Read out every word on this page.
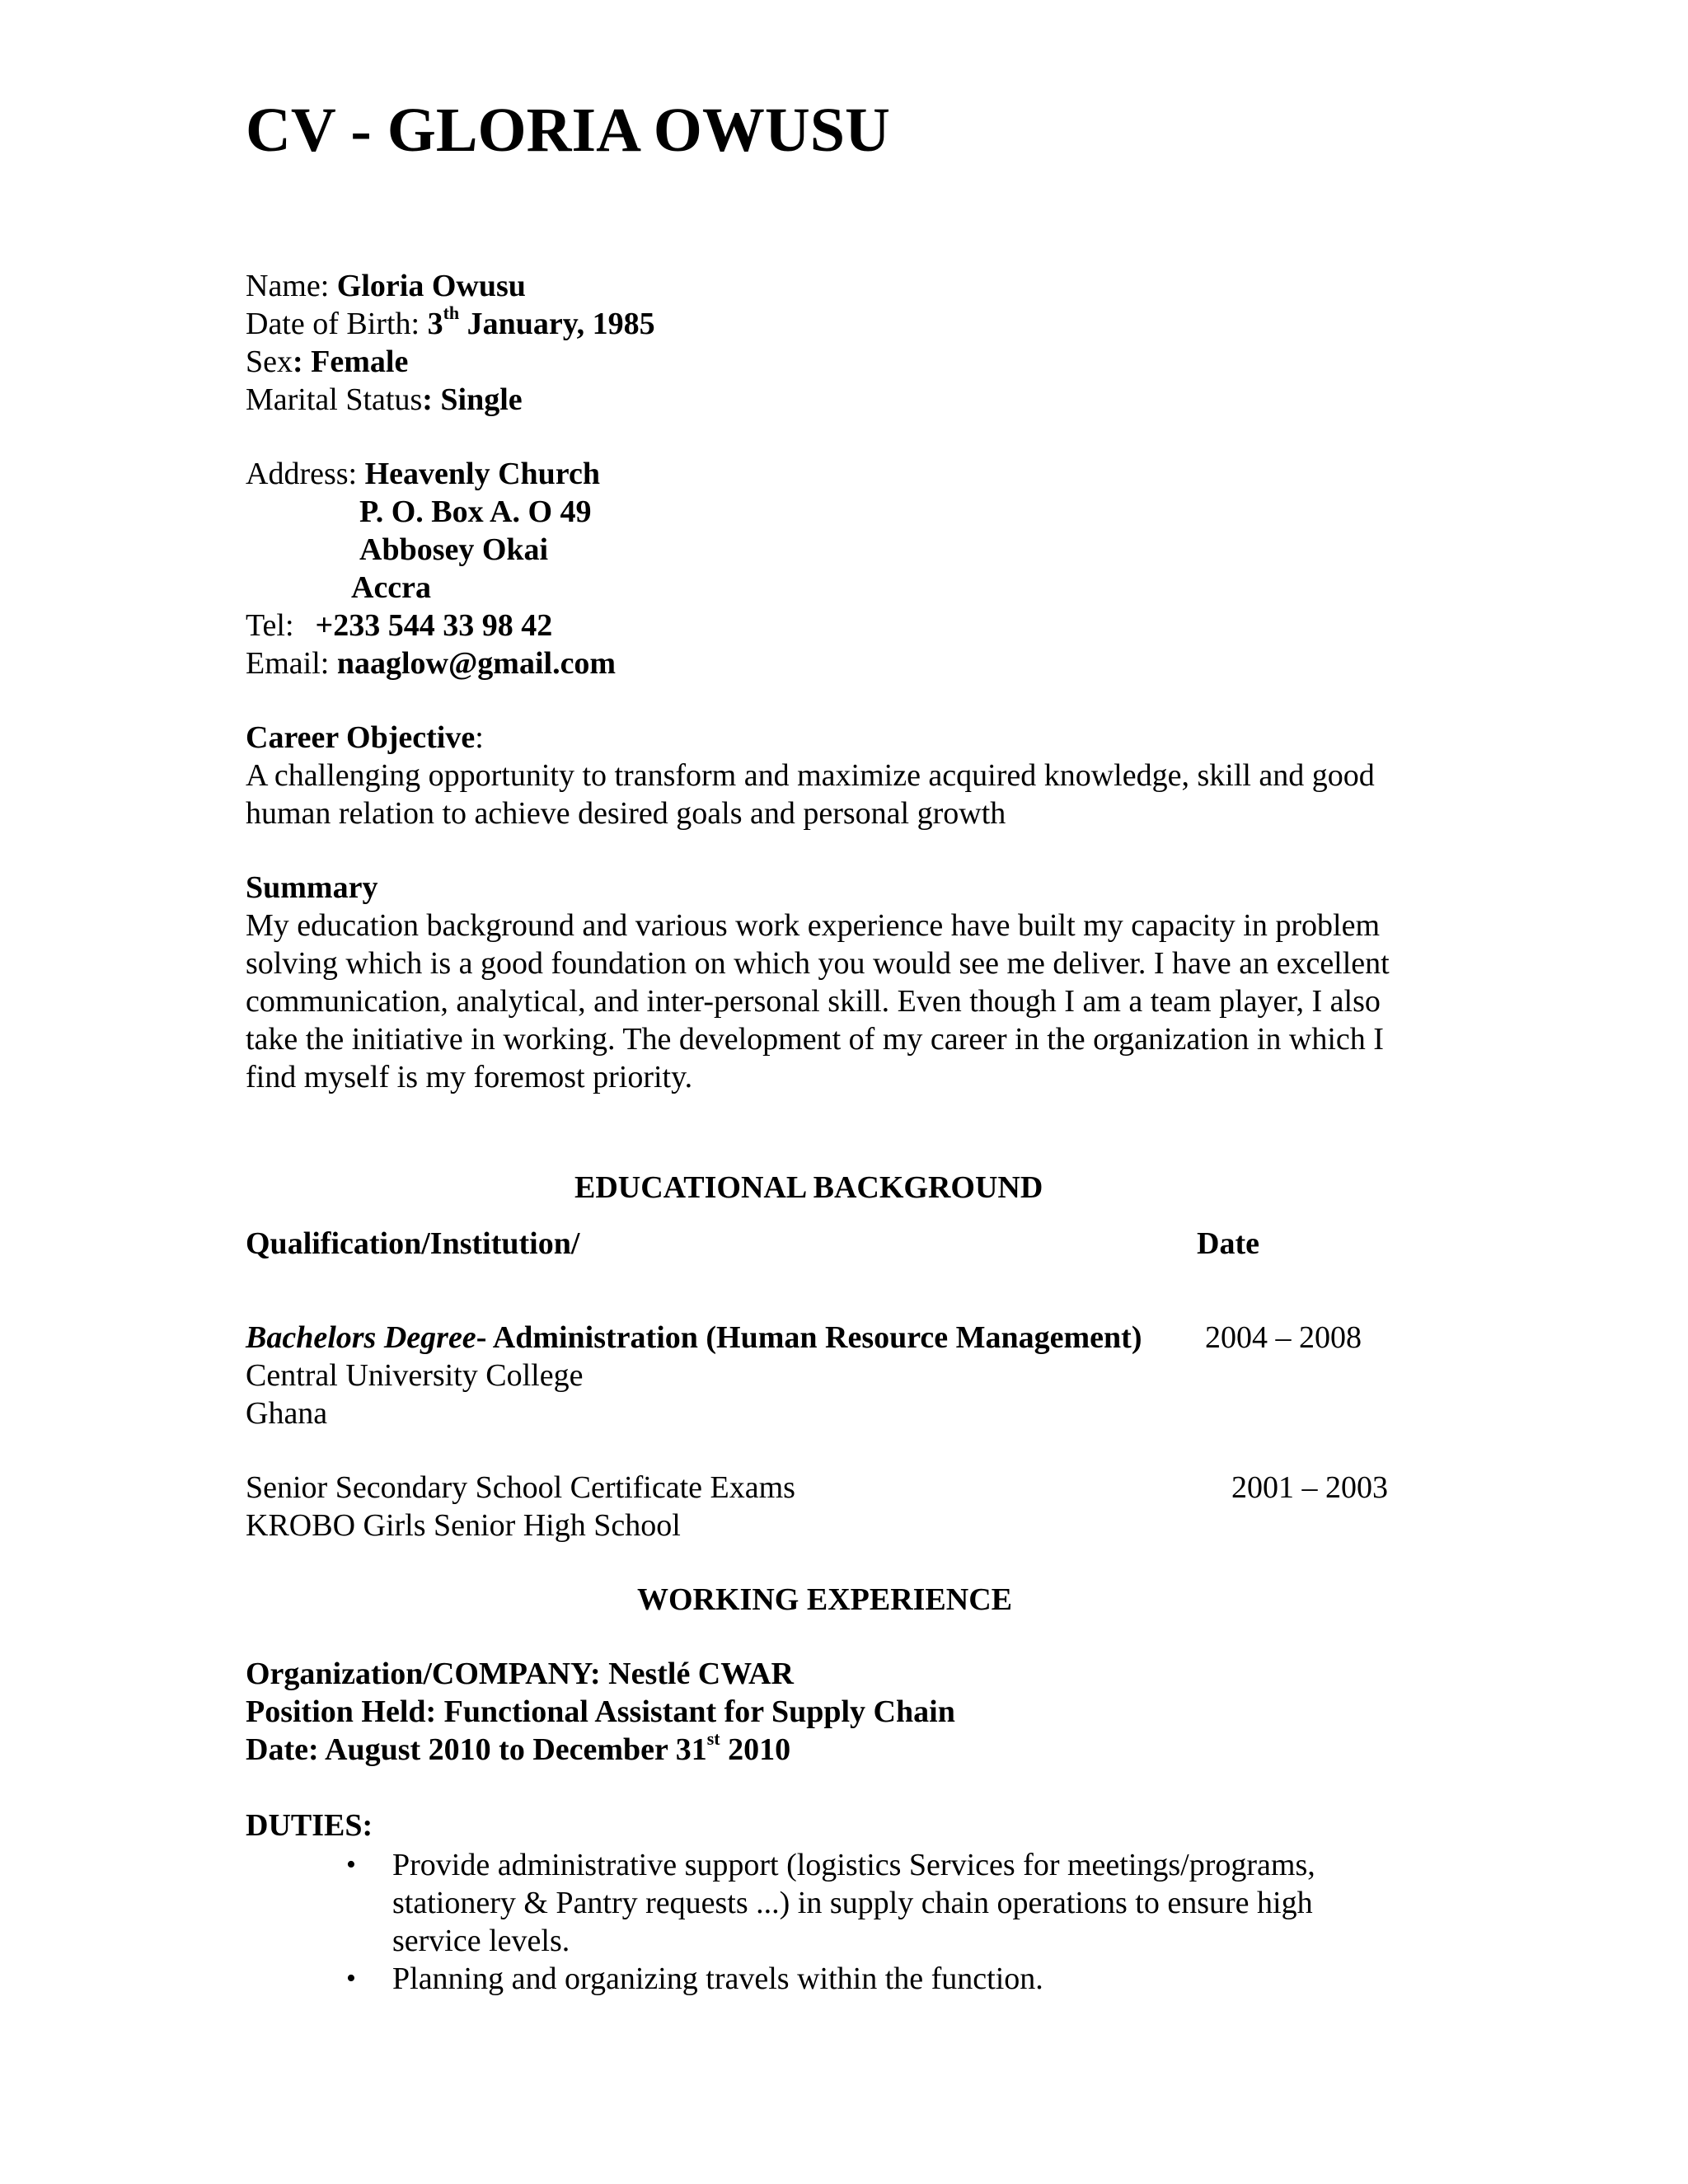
CV - GLORIA OWUSU
Name: Gloria Owusu
Date of Birth: 3th January, 1985
Sex: Female
Marital Status: Single
Address: Heavenly Church
P. O. Box A. O 49
Abbosey Okai
Accra
Tel: +233 544 33 98 42
Email: naaglow@gmail.com
Career Objective:
A challenging opportunity to transform and maximize acquired knowledge, skill and good human relation to achieve desired goals and personal growth
Summary
My education background and various work experience have built my capacity in problem solving which is a good foundation on which you would see me deliver. I have an excellent communication, analytical, and inter-personal skill. Even though I am a team player, I also take the initiative in working. The development of my career in the organization in which I find myself is my foremost priority.
EDUCATIONAL BACKGROUND
Qualification/Institution/	Date
Bachelors Degree- Administration (Human Resource Management) 2004 – 2008
Central University College
Ghana
Senior Secondary School Certificate Exams	2001 – 2003
KROBO Girls Senior High School
WORKING EXPERIENCE
Organization/COMPANY: Nestlé CWAR
Position Held: Functional Assistant for Supply Chain
Date: August 2010 to December 31st 2010
DUTIES:
• Provide administrative support (logistics Services for meetings/programs, stationery & Pantry requests ...) in supply chain operations to ensure high service levels.
• Planning and organizing travels within the function.
